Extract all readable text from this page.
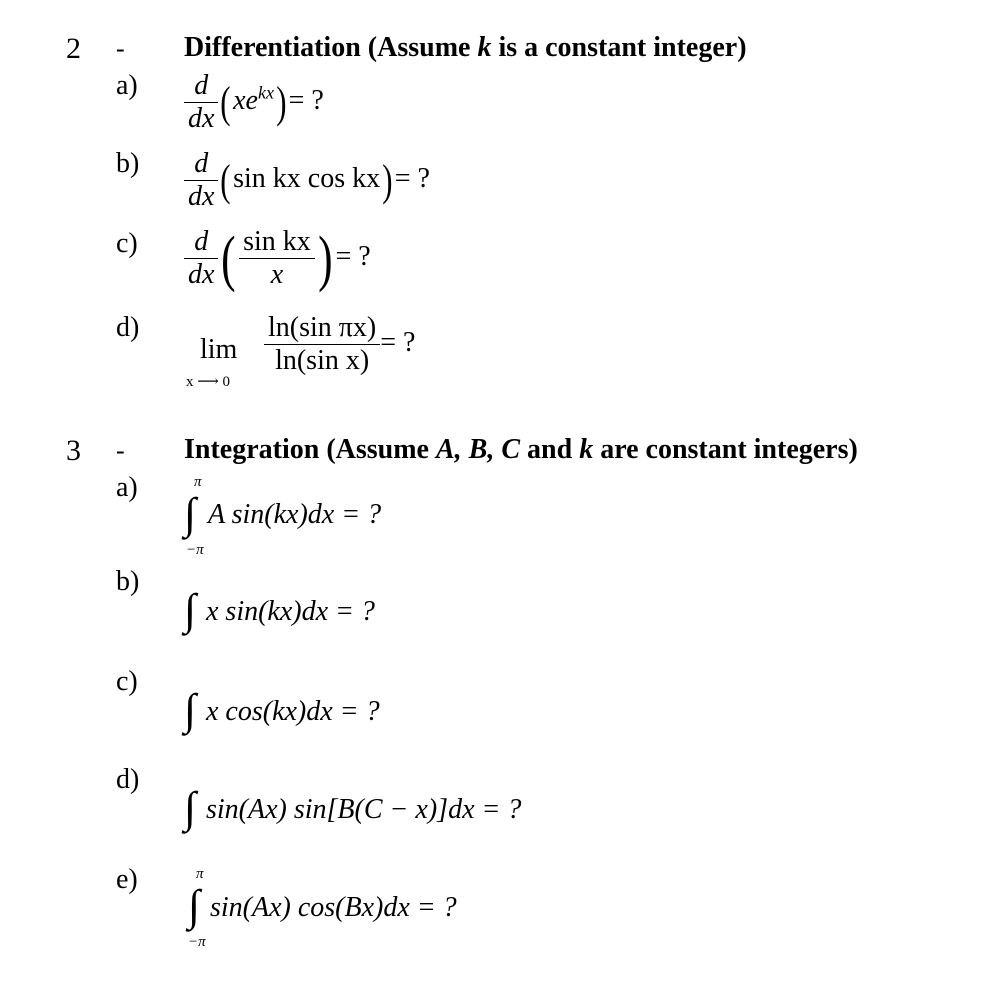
2 - Differentiation (Assume k is a constant integer)
$a) \frac{d}{dx} (xe^{kx})=$ ?
$b) \frac{d}{dx} (\sin$ kx cos kx)= ?
$c) \frac{d}{dx}$ ( $\frac{\text{sin kx}}{x}$ ) = ?
d)
lim
x ⟶ 0
$\frac{\text{ln(sin πx)}}{\text{ln(sin x)}}$ = ?
3 - Integration (Assume A, B, C and k are constant integers)
a)	π
∫
−π
A sin(kx)dx = ?
b)
∫ x sin(kx)dx = ?
c)
∫ x cos(kx)dx = ?
d)
∫ sin(Ax) sin[B(C − x)]dx = ?
e)	π
∫
−π
sin(Ax) cos(Bx)dx = ?
